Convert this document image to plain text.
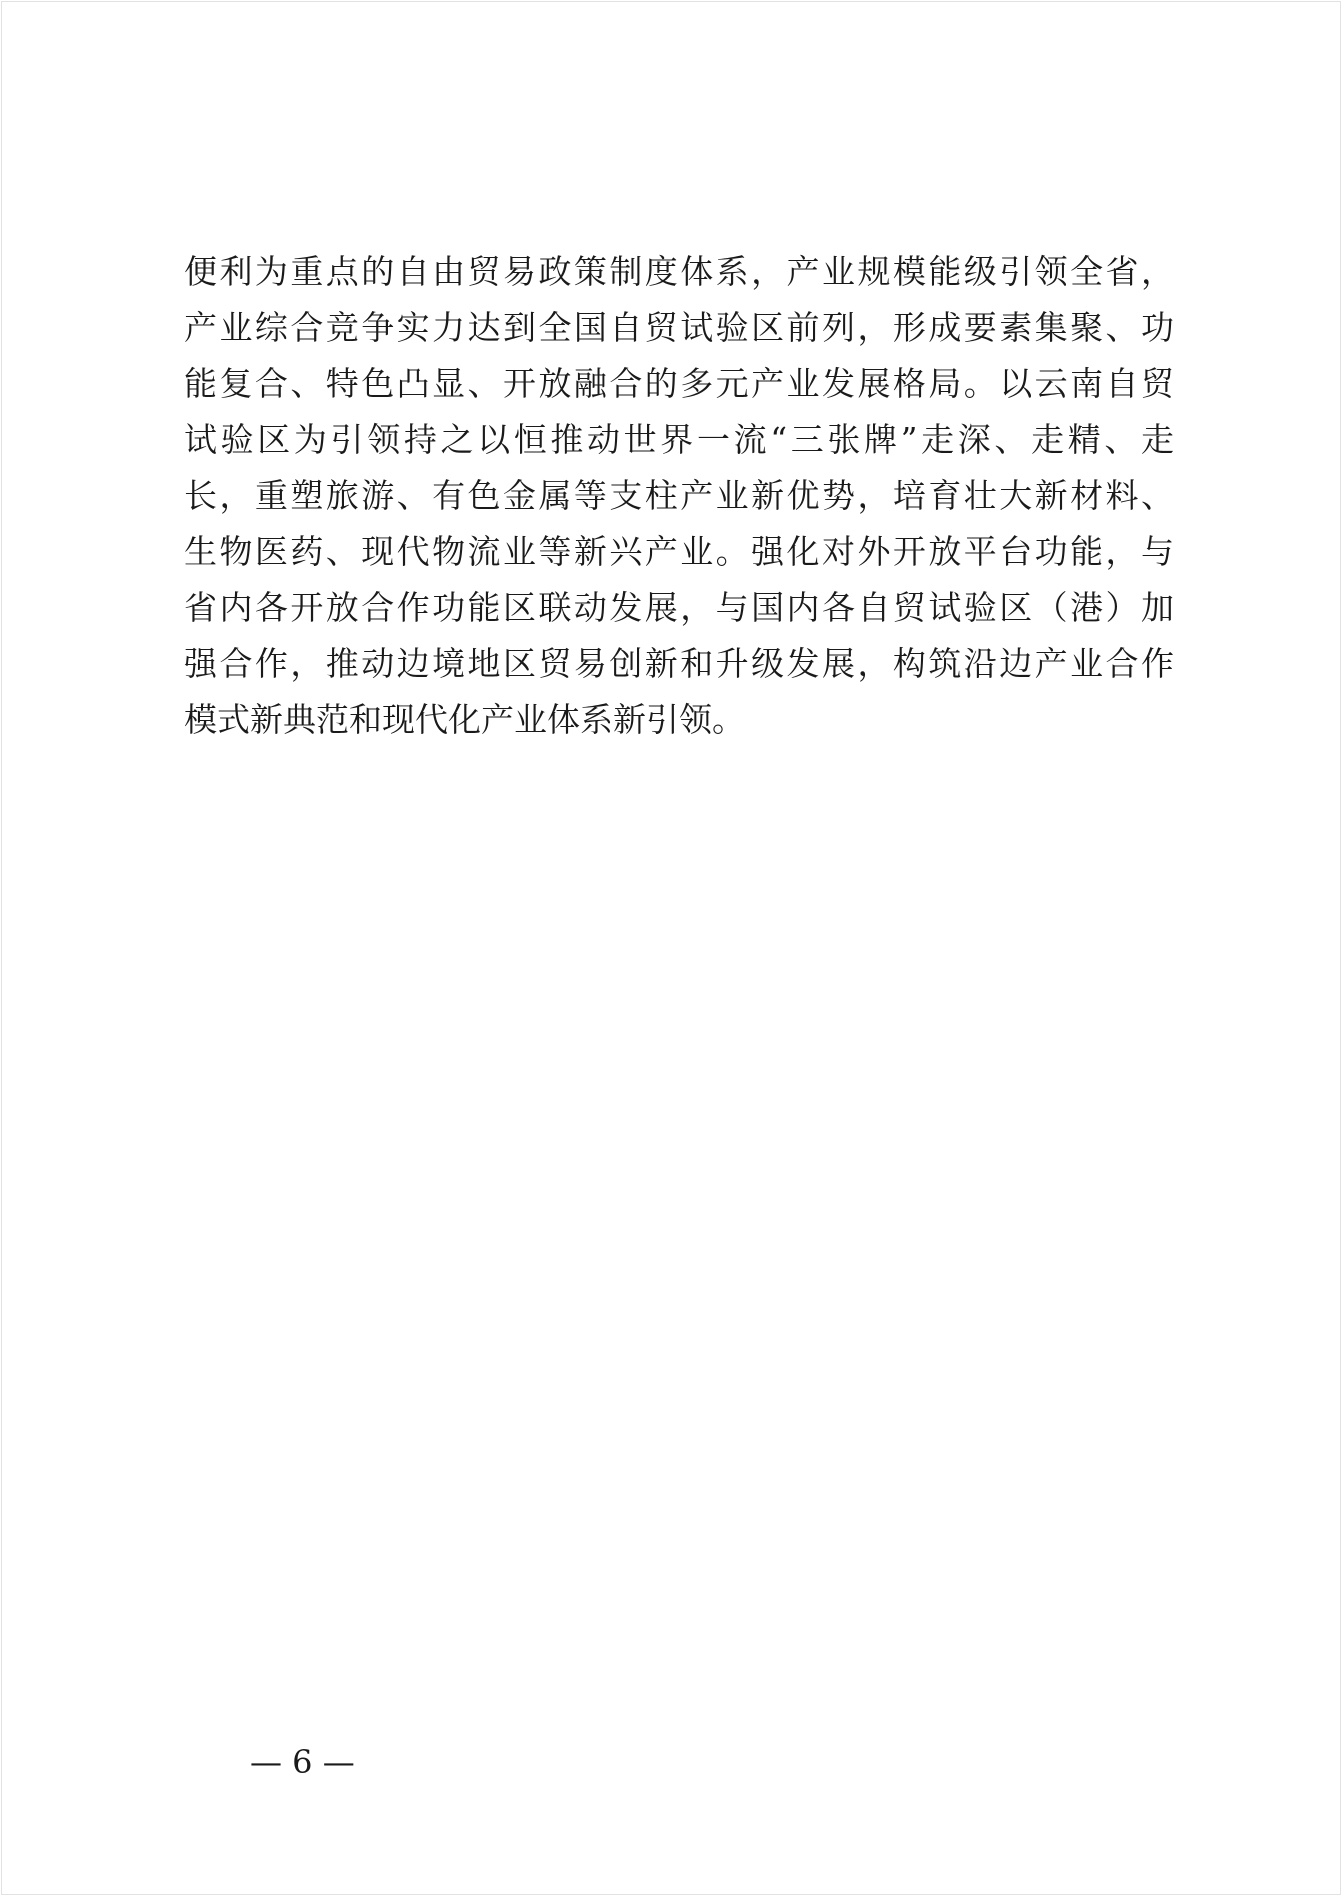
便利为重点的自由贸易政策制度体系，产业规模能级引领全省，
产业综合竞争实力达到全国自贸试验区前列，形成要素集聚、功
能复合、特色凸显、开放融合的多元产业发展格局。以云南自贸
试验区为引领持之以恒推动世界一流“三张牌”走深、走精、走
长，重塑旅游、有色金属等支柱产业新优势，培育壮大新材料、
生物医药、现代物流业等新兴产业。强化对外开放平台功能，与
省内各开放合作功能区联动发展，与国内各自贸试验区（港）加
强合作，推动边境地区贸易创新和升级发展，构筑沿边产业合作
模式新典范和现代化产业体系新引领。
— 6 —
